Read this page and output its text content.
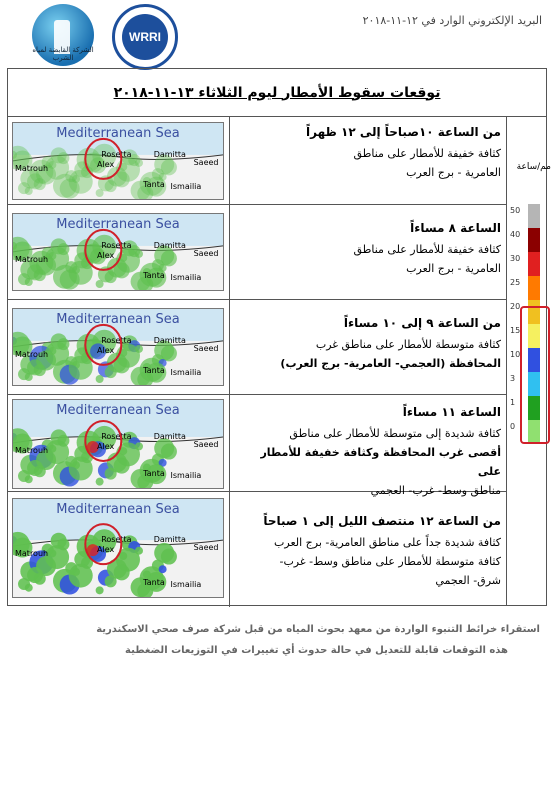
البريد الإلكتروني الوارد في ١٢-١١-٢٠١٨
الشركة القابضة لمياه الشرب
WRRI
توقعات سقوط الأمطار ليوم الثلاثاء ١٣-١١-٢٠١٨
Mediterranean Sea
Rosetta	Damitta
Alex
Matrouh
Tanta Ismailia
Saeed
من الساعة ١٠صباحاً إلى ١٢ ظهراً
كثافة خفيفة للأمطار على مناطق
العامرية - برج العرب
Mediterranean Sea
Rosetta	Damitta
Alex
Matrouh
Tanta Ismailia
Saeed
الساعة ٨ مساءاً
كثافة خفيفة للأمطار على مناطق
العامرية - برج العرب
Mediterranean Sea
Rosetta	Damitta
Alex
Matrouh
Tanta Ismailia
Saeed
من الساعة ٩ إلى ١٠ مساءاً
كثافة متوسطة للأمطار على مناطق غرب
المحافظة (العجمي- العامرية- برج العرب)
Mediterranean Sea
Rosetta	Damitta
Alex
Matrouh
Tanta Ismailia
Saeed
الساعة ١١ مساءاً
كثافة شديدة إلى متوسطة للأمطار على مناطق
أقصى غرب المحافظة وكثافة خفيفة للأمطار على
مناطق وسط- غرب- العجمي
Mediterranean Sea
Rosetta	Damitta
Alex
Matrouh
Tanta Ismailia
Saeed
من الساعة ١٢ منتصف الليل إلى ١ صباحاً
كثافة شديدة جداً على مناطق العامرية- برج العرب
كثافة متوسطة للأمطار على مناطق وسط- غرب-
شرق- العجمي
مم/ساعة
50
40
30
25
20
15
10
3
1
0
استقراء خرائط التنبوء الواردة من معهد بحوث المياه من قبل شركة صرف صحي الاسكندرية
هذه التوقعات قابلة للتعديل في حالة حدوث أي تغييرات في التوزيعات الضغطية
